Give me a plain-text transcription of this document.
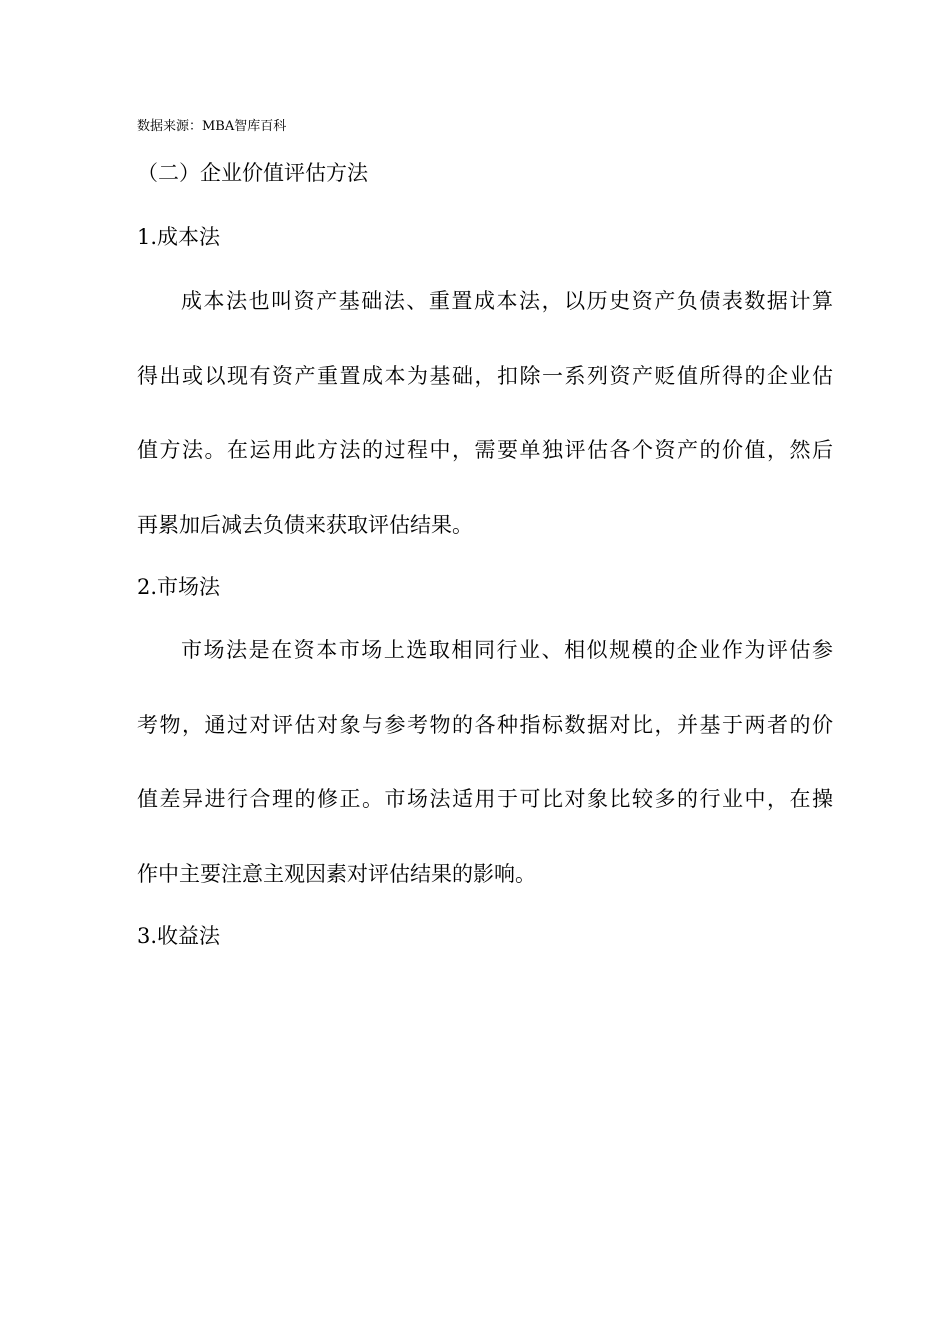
数据来源：MBA智库百科
（二）企业价值评估方法
1.成本法
成本法也叫资产基础法、重置成本法，以历史资产负债表数据计算
得出或以现有资产重置成本为基础，扣除一系列资产贬值所得的企业估
值方法。在运用此方法的过程中，需要单独评估各个资产的价值，然后
再累加后减去负债来获取评估结果。
2.市场法
市场法是在资本市场上选取相同行业、相似规模的企业作为评估参
考物，通过对评估对象与参考物的各种指标数据对比，并基于两者的价
值差异进行合理的修正。市场法适用于可比对象比较多的行业中，在操
作中主要注意主观因素对评估结果的影响。
3.收益法
